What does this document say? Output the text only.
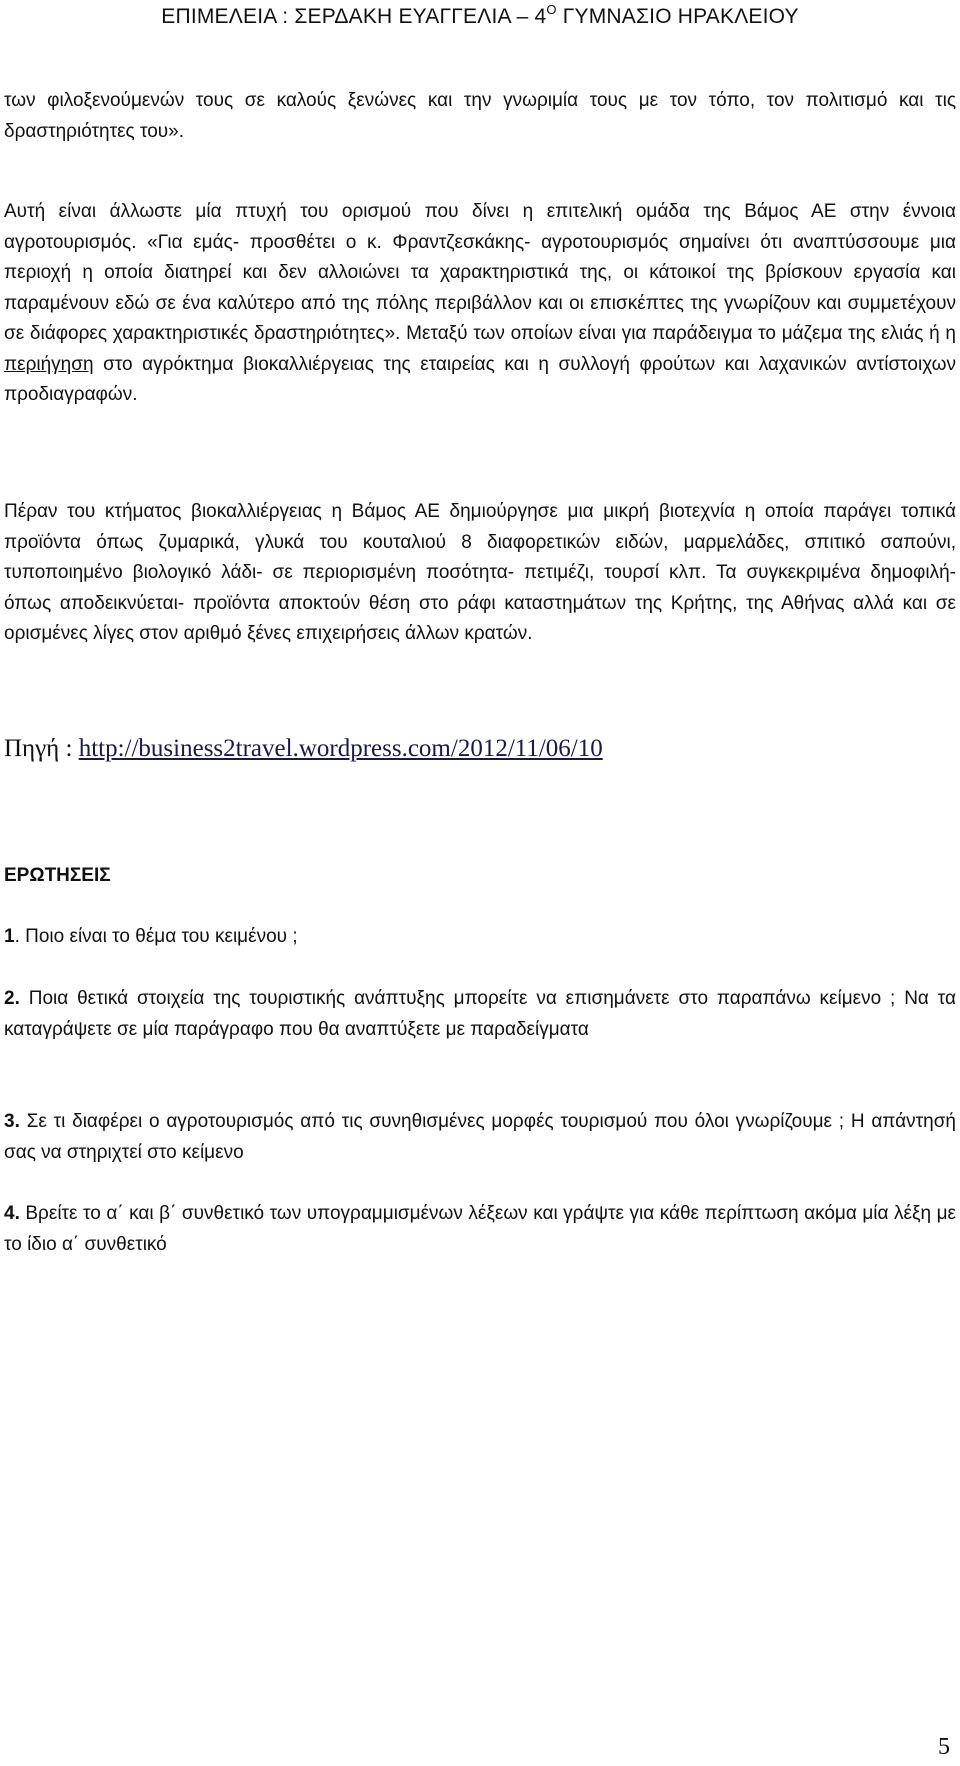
ΕΠΙΜΕΛΕΙΑ : ΣΕΡΔΑΚΗ ΕΥΑΓΓΕΛΙΑ – $4^O$ ΓΥΜΝΑΣΙΟ ΗΡΑΚΛΕΙΟΥ

των φιλοξενούμενών τους σε καλούς ξενώνες και την γνωριμία τους με τον τόπο, τον πολιτισμό και τις δραστηριότητες του».

Αυτή είναι άλλωστε μία πτυχή του ορισμού που δίνει η επιτελική ομάδα της Βάμος ΑΕ στην έννοια αγροτουρισμός. «Για εμάς- προσθέτει ο κ. Φραντζεσκάκης- αγροτουρισμός σημαίνει ότι αναπτύσσουμε μια περιοχή η οποία διατηρεί και δεν αλλοιώνει τα χαρακτηριστικά της, οι κάτοικοί της βρίσκουν εργασία και παραμένουν εδώ σε ένα καλύτερο από της πόλης περιβάλλον και οι επισκέπτες της γνωρίζουν και συμμετέχουν σε διάφορες χαρακτηριστικές δραστηριότητες». Μεταξύ των οποίων είναι για παράδειγμα το μάζεμα της ελιάς ή η περιήγηση στο αγρόκτημα βιοκαλλιέργειας της εταιρείας και η συλλογή φρούτων και λαχανικών αντίστοιχων προδιαγραφών.

Πέραν του κτήματος βιοκαλλιέργειας η Βάμος ΑΕ δημιούργησε μια μικρή βιοτεχνία η οποία παράγει τοπικά προϊόντα όπως ζυμαρικά, γλυκά του κουταλιού 8 διαφορετικών ειδών, μαρμελάδες, σπιτικό σαπούνι, τυποποιημένο βιολογικό λάδι- σε περιορισμένη ποσότητα- πετιμέζι, τουρσί κλπ. Τα συγκεκριμένα δημοφιλή- όπως αποδεικνύεται- προϊόντα αποκτούν θέση στο ράφι καταστημάτων της Κρήτης, της Αθήνας αλλά και σε ορισμένες λίγες στον αριθμό ξένες επιχειρήσεις άλλων κρατών.

Πηγή : http://business2travel.wordpress.com/2012/11/06/10
ΕΡΩΤΗΣΕΙΣ
1. Ποιο είναι το θέμα του κειμένου ;
2. Ποια θετικά στοιχεία της τουριστικής ανάπτυξης μπορείτε να επισημάνετε στο παραπάνω κείμενο ; Να τα καταγράψετε σε μία παράγραφο που θα αναπτύξετε με παραδείγματα
3. Σε τι διαφέρει ο αγροτουρισμός από τις συνηθισμένες μορφές τουρισμού που όλοι γνωρίζουμε ; Η απάντησή σας να στηριχτεί στο κείμενο
4. Βρείτε το α΄ και β΄ συνθετικό των υπογραμμισμένων λέξεων και γράψτε για κάθε περίπτωση ακόμα μία λέξη με το ίδιο α΄ συνθετικό
5
